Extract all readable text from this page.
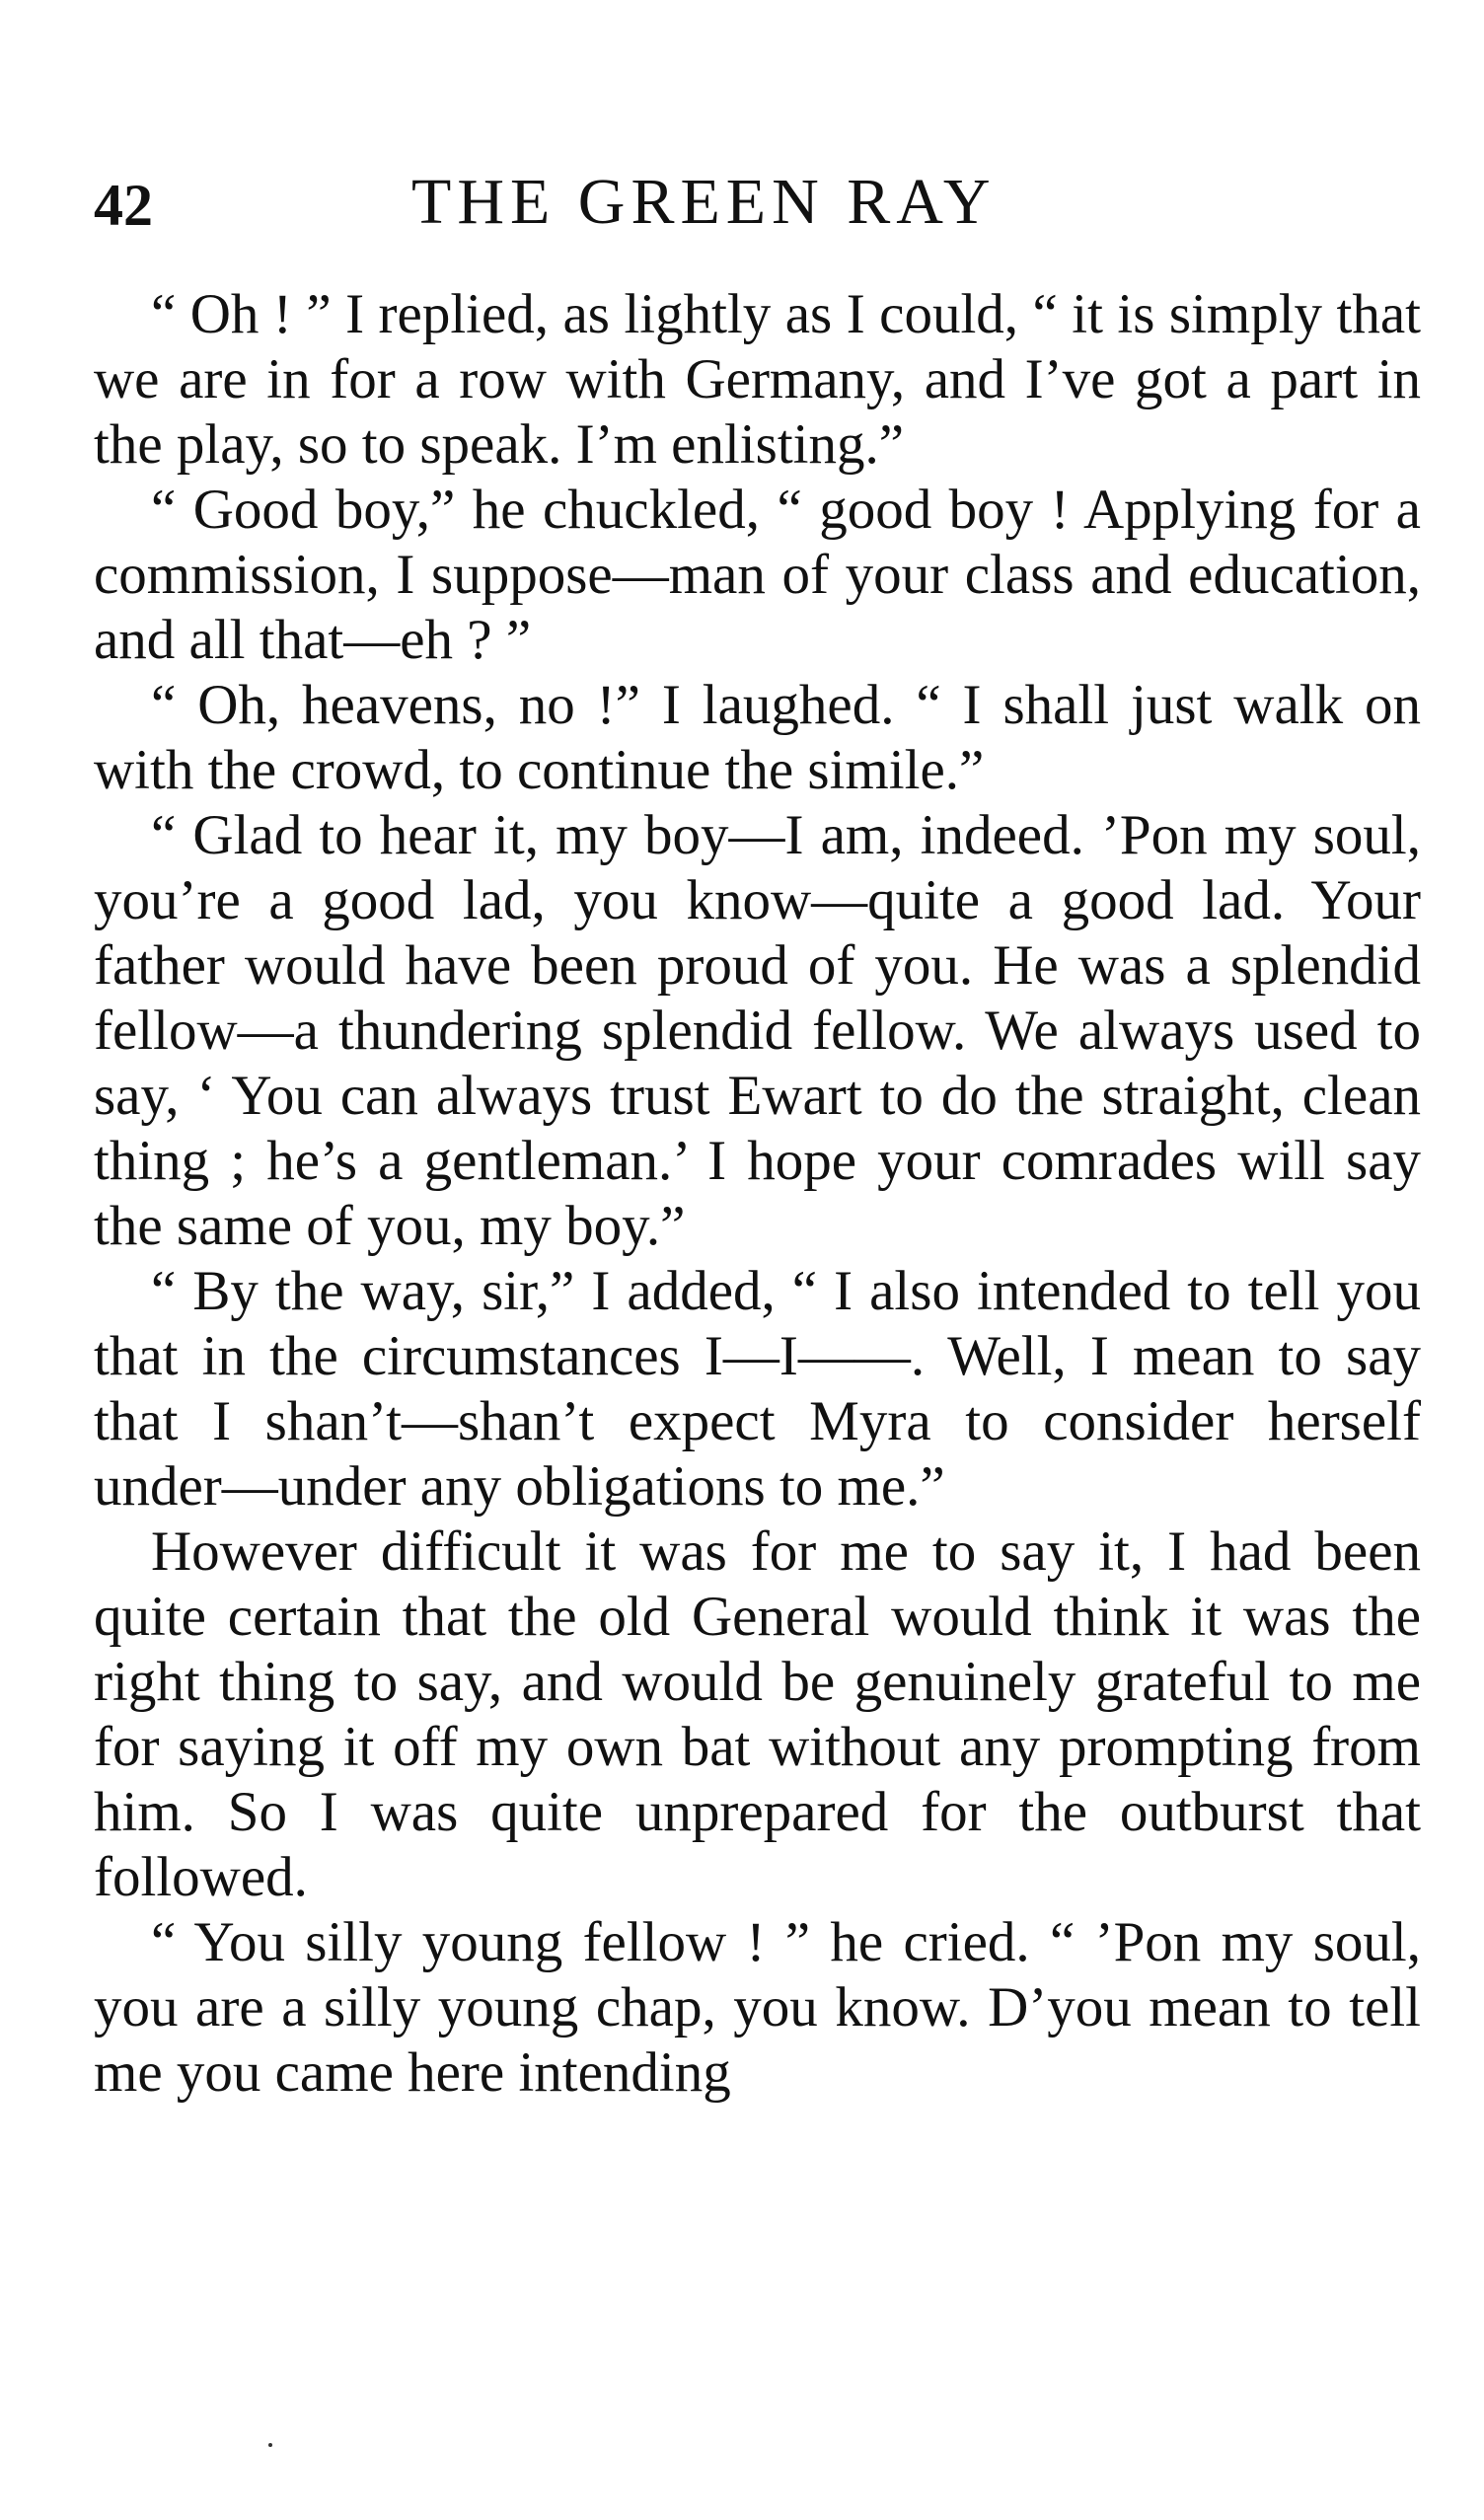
42	THE GREEN RAY

“ Oh ! ” I replied, as lightly as I could, “ it is simply that we are in for a row with Germany, and I’ve got a part in the play, so to speak. I’m enlisting.”

“ Good boy,” he chuckled, “ good boy ! Applying for a commission, I suppose—man of your class and education, and all that—eh ? ”

“ Oh, heavens, no !” I laughed. “ I shall just walk on with the crowd, to continue the simile.”

“ Glad to hear it, my boy—I am, indeed. ’Pon my soul, you’re a good lad, you know—quite a good lad. Your father would have been proud of you. He was a splendid fellow—a thundering splendid fellow. We always used to say, ‘ You can always trust Ewart to do the straight, clean thing ; he’s a gentleman.’ I hope your comrades will say the same of you, my boy.”

“ By the way, sir,” I added, “ I also intended to tell you that in the circumstances I—I——. Well, I mean to say that I shan’t—shan’t expect Myra to consider herself under—under any obligations to me.”

However difficult it was for me to say it, I had been quite certain that the old General would think it was the right thing to say, and would be genuinely grateful to me for saying it off my own bat without any prompting from him. So I was quite unprepared for the outburst that followed.

“ You silly young fellow ! ” he cried. “ ’Pon my soul, you are a silly young chap, you know. D’you mean to tell me you came here intending
